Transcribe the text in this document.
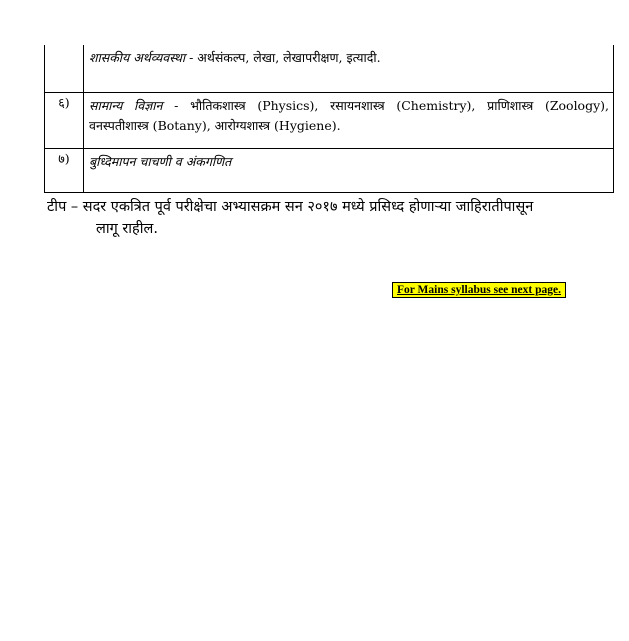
	शासकीय अर्थव्यवस्था - अर्थसंकल्प, लेखा, लेखापरीक्षण, इत्यादी.
६)	सामान्य विज्ञान - भौतिकशास्त्र (Physics), रसायनशास्त्र (Chemistry), प्राणिशास्त्र (Zoology), वनस्पतीशास्त्र (Botany), आरोग्यशास्त्र (Hygiene).
७)	बुध्दिमापन चाचणी व अंकगणित
टीप – सदर एकत्रित पूर्व परीक्षेचा अभ्यासक्रम सन २०१७ मध्ये प्रसिध्द होणाऱ्या जाहिरातीपासून
लागू राहील.
For Mains syllabus see next page.
